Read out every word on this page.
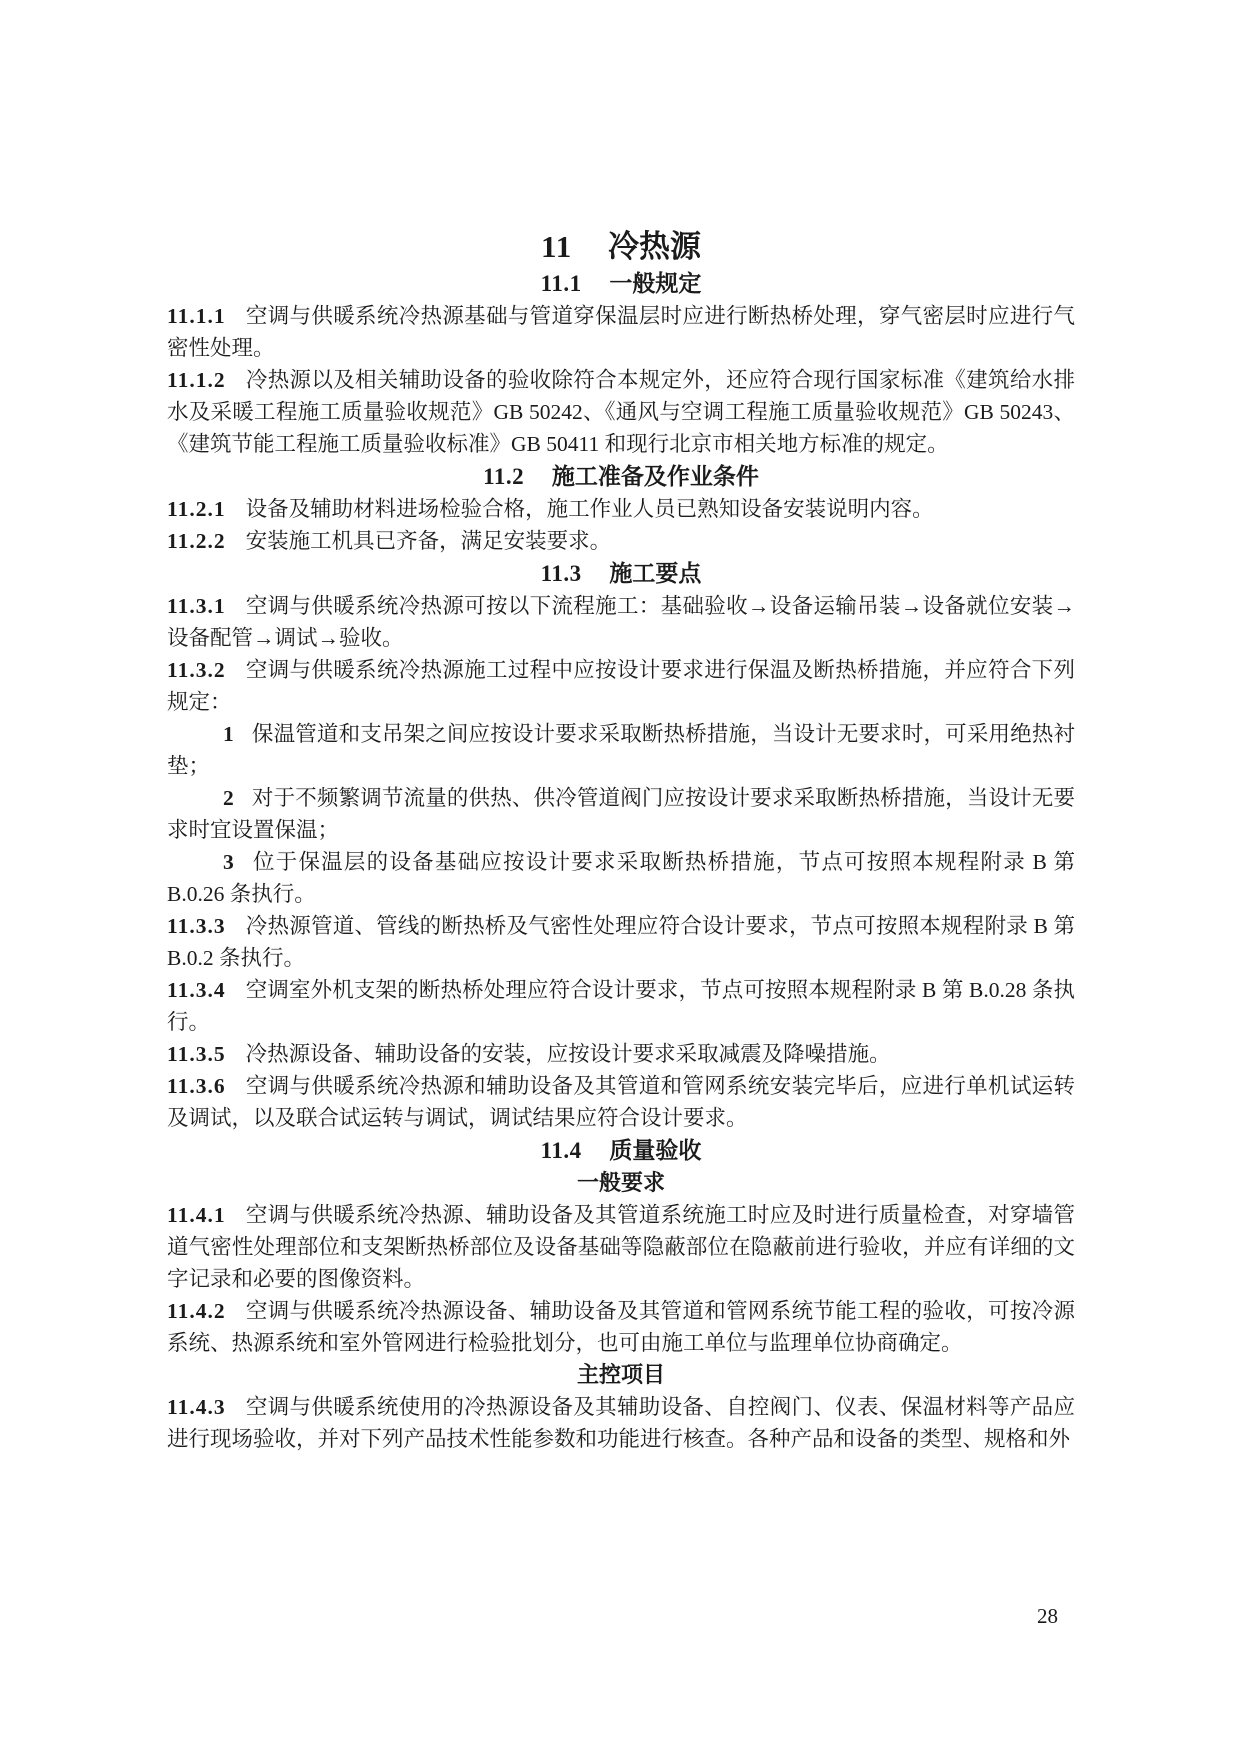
11 冷热源
11.1 一般规定

11.1.1 空调与供暖系统冷热源基础与管道穿保温层时应进行断热桥处理，穿气密层时应进行气密性处理。

11.1.2 冷热源以及相关辅助设备的验收除符合本规定外，还应符合现行国家标准《建筑给水排水及采暖工程施工质量验收规范》GB 50242、《通风与空调工程施工质量验收规范》GB 50243、《建筑节能工程施工质量验收标准》GB 50411 和现行北京市相关地方标准的规定。

11.2 施工准备及作业条件

11.2.1 设备及辅助材料进场检验合格，施工作业人员已熟知设备安装说明内容。

11.2.2 安装施工机具已齐备，满足安装要求。

11.3 施工要点

11.3.1 空调与供暖系统冷热源可按以下流程施工：基础验收→设备运输吊装→设备就位安装→设备配管→调试→验收。

11.3.2 空调与供暖系统冷热源施工过程中应按设计要求进行保温及断热桥措施，并应符合下列规定：

1 保温管道和支吊架之间应按设计要求采取断热桥措施，当设计无要求时，可采用绝热衬垫；

2 对于不频繁调节流量的供热、供冷管道阀门应按设计要求采取断热桥措施，当设计无要求时宜设置保温；

3 位于保温层的设备基础应按设计要求采取断热桥措施，节点可按照本规程附录 B 第 B.0.26 条执行。

11.3.3 冷热源管道、管线的断热桥及气密性处理应符合设计要求，节点可按照本规程附录 B 第 B.0.2 条执行。

11.3.4 空调室外机支架的断热桥处理应符合设计要求，节点可按照本规程附录 B 第 B.0.28 条执行。

11.3.5 冷热源设备、辅助设备的安装，应按设计要求采取减震及降噪措施。

11.3.6 空调与供暖系统冷热源和辅助设备及其管道和管网系统安装完毕后，应进行单机试运转及调试，以及联合试运转与调试，调试结果应符合设计要求。

11.4 质量验收
一般要求

11.4.1 空调与供暖系统冷热源、辅助设备及其管道系统施工时应及时进行质量检查，对穿墙管道气密性处理部位和支架断热桥部位及设备基础等隐蔽部位在隐蔽前进行验收，并应有详细的文字记录和必要的图像资料。

11.4.2 空调与供暖系统冷热源设备、辅助设备及其管道和管网系统节能工程的验收，可按冷源系统、热源系统和室外管网进行检验批划分，也可由施工单位与监理单位协商确定。

主控项目

11.4.3 空调与供暖系统使用的冷热源设备及其辅助设备、自控阀门、仪表、保温材料等产品应进行现场验收，并对下列产品技术性能参数和功能进行核查。各种产品和设备的类型、规格和外

28
